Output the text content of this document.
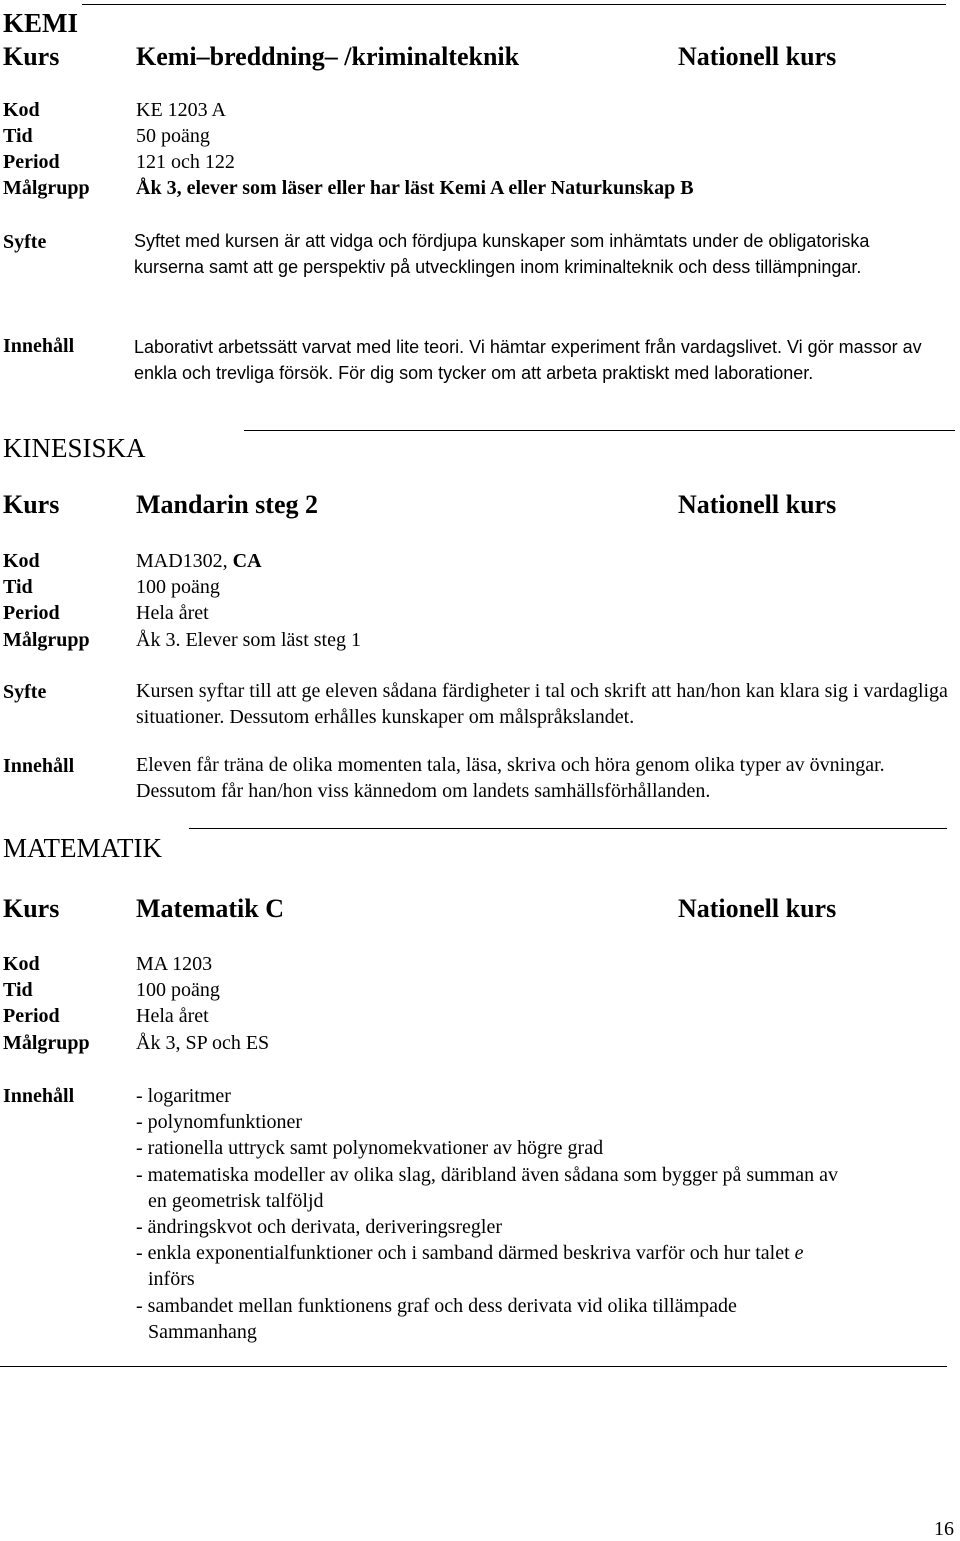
KEMI
Kurs	Kemi–breddning– /kriminalteknik	Nationell kurs
Kod	KE 1203 A
Tid	50 poäng
Period	121 och 122
Målgrupp Åk 3, elever som läser eller har läst Kemi A eller Naturkunskap B
Syfte	Syftet med kursen är att vidga och fördjupa kunskaper som inhämtats under de obligatoriska kurserna samt att ge perspektiv på utvecklingen inom kriminalteknik och dess tillämpningar.
Innehåll	Laborativt arbetssätt varvat med lite teori. Vi hämtar experiment från vardagslivet. Vi gör massor av enkla och trevliga försök. För dig som tycker om att arbeta praktiskt med laborationer.
KINESISKA
Kurs	Mandarin steg 2	Nationell kurs
Kod	MAD1302, CA
Tid	100 poäng
Period	Hela året
Målgrupp Åk 3. Elever som läst steg 1
Syfte	Kursen syftar till att ge eleven sådana färdigheter i tal och skrift att han/hon kan klara sig i vardagliga situationer. Dessutom erhålles kunskaper om målspråkslandet.
Innehåll	Eleven får träna de olika momenten tala, läsa, skriva och höra genom olika typer av övningar. Dessutom får han/hon viss kännedom om landets samhällsförhållanden.
MATEMATIK
Kurs	Matematik C	Nationell kurs
Kod	MA 1203
Tid	100 poäng
Period	Hela året
Målgrupp Åk 3, SP och ES
Innehåll	- logaritmer
- polynomfunktioner
- rationella uttryck samt polynomekvationer av högre grad
- matematiska modeller av olika slag, däribland även sådana som bygger på summan av
en geometrisk talföljd
- ändringskvot och derivata, deriveringsregler
- enkla exponentialfunktioner och i samband därmed beskriva varför och hur talet e
införs
- sambandet mellan funktionens graf och dess derivata vid olika tillämpade
Sammanhang
16
